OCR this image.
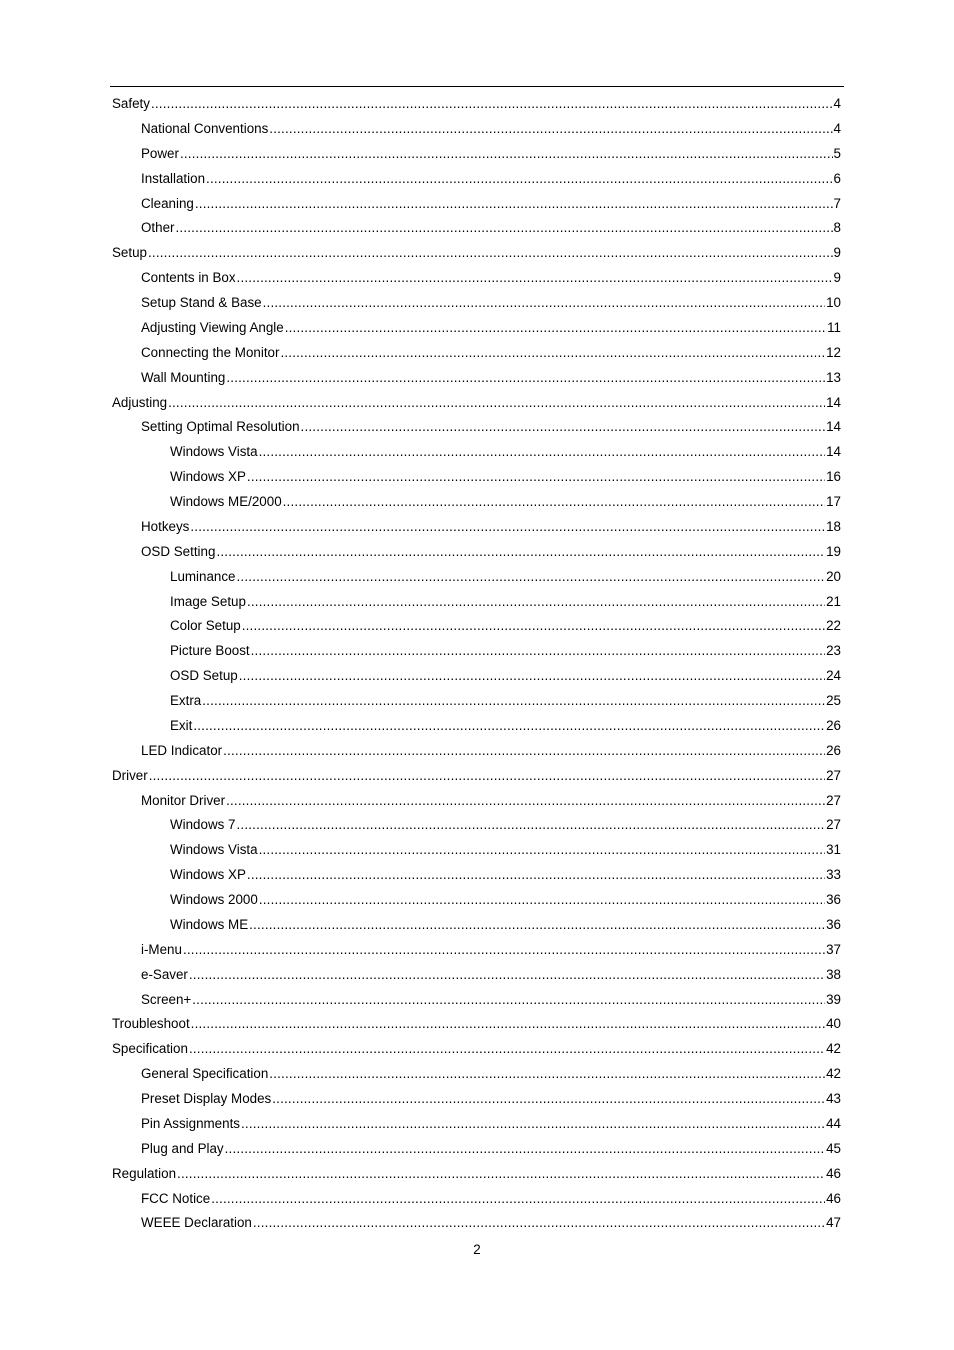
Safety .....	4
National Conventions .....	4
Power .....	5
Installation .....	6
Cleaning .....	7
Other .....	8
Setup .....	9
Contents in Box .....	9
Setup Stand & Base .....	10
Adjusting Viewing Angle .....	11
Connecting the Monitor .....	12
Wall Mounting .....	13
Adjusting .....	14
Setting Optimal Resolution .....	14
Windows Vista .....	14
Windows XP .....	16
Windows ME/2000 .....	17
Hotkeys .....	18
OSD Setting .....	19
Luminance .....	20
Image Setup .....	21
Color Setup .....	22
Picture Boost .....	23
OSD Setup .....	24
Extra .....	25
Exit .....	26
LED Indicator .....	26
Driver .....	27
Monitor Driver .....	27
Windows 7 .....	27
Windows Vista .....	31
Windows XP .....	33
Windows 2000 .....	36
Windows ME .....	36
i-Menu .....	37
e-Saver .....	38
Screen+ .....	39
Troubleshoot .....	40
Specification .....	42
General Specification .....	42
Preset Display Modes .....	43
Pin Assignments .....	44
Plug and Play .....	45
Regulation .....	46
FCC Notice .....	46
WEEE Declaration .....	47
2
